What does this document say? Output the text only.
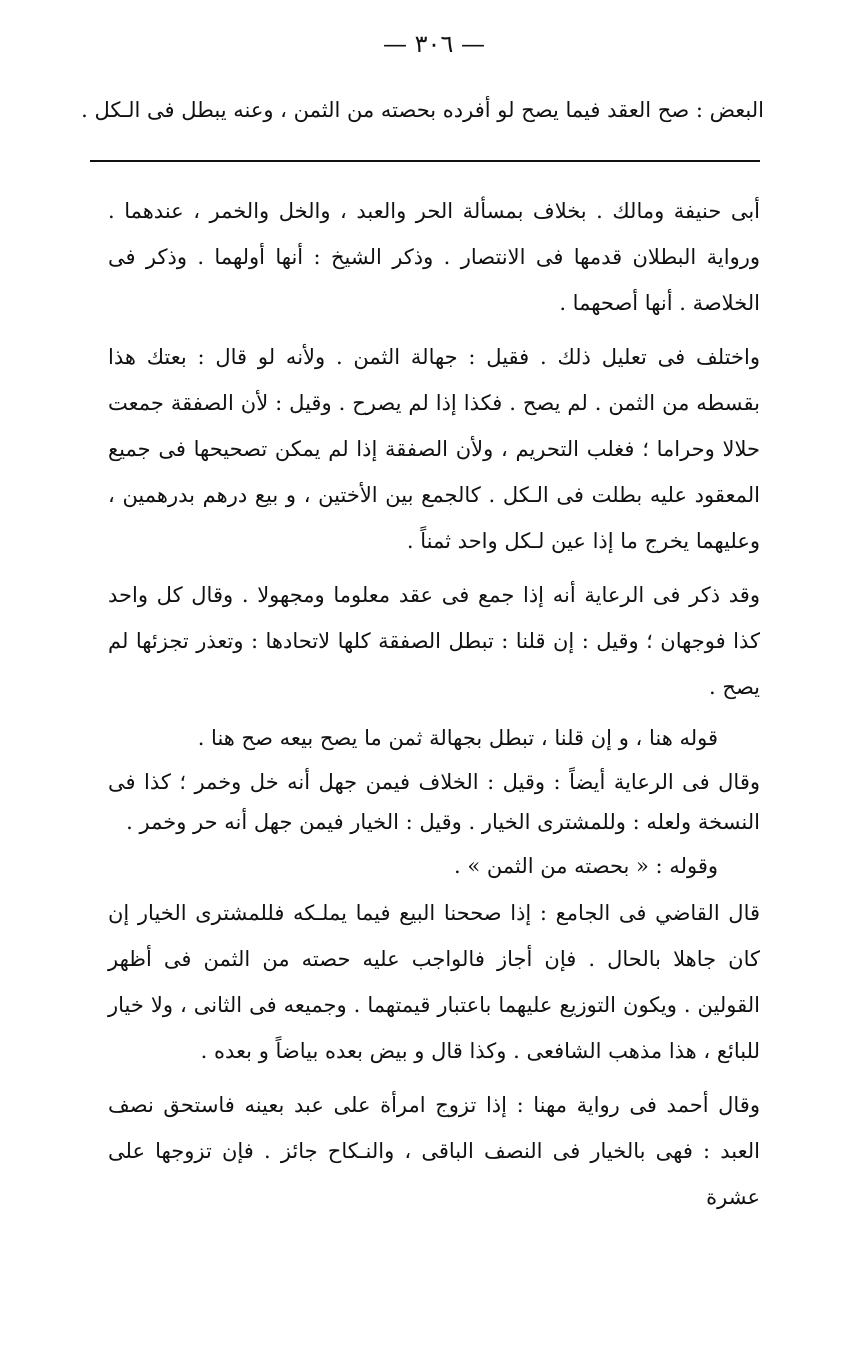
— ٣٠٦ —
البعض : صح العقد فيما يصح لو أفرده بحصته من الثمن ، وعنه يبطل فى الـكل .

أبى حنيفة ومالك . بخلاف بمسألة الحر والعبد ، والخل والخمر ، عندهما . ورواية البطلان قدمها فى الانتصار . وذكر الشيخ : أنها أولهما . وذكر فى الخلاصة . أنها أصحهما .

واختلف فى تعليل ذلك . فقيل : جهالة الثمن . ولأنه لو قال : بعتك هذا بقسطه من الثمن . لم يصح . فكذا إذا لم يصرح . وقيل : لأن الصفقة جمعت حلالا وحراما ؛ فغلب التحريم ، ولأن الصفقة إذا لم يمكن تصحيحها فى جميع المعقود عليه بطلت فى الـكل . كالجمع بين الأختين ، و بيع درهم بدرهمين ، وعليهما يخرج ما إذا عين لـكل واحد ثمناً .

وقد ذكر فى الرعاية أنه إذا جمع فى عقد معلوما ومجهولا . وقال كل واحد كذا فوجهان ؛ وقيل : إن قلنا : تبطل الصفقة كلها لاتحادها : وتعذر تجزئها لم يصح .

قوله هنا ، و إن قلنا ، تبطل بجهالة ثمن ما يصح بيعه صح هنا .

وقال فى الرعاية أيضاً : وقيل : الخلاف فيمن جهل أنه خل وخمر ؛ كذا فى النسخة ولعله : وللمشترى الخيار . وقيل : الخيار فيمن جهل أنه حر وخمر .

وقوله : « بحصته من الثمن » .

قال القاضي فى الجامع : إذا صححنا البيع فيما يملـكه فللمشترى الخيار إن كان جاهلا بالحال . فإن أجاز فالواجب عليه حصته من الثمن فى أظهر القولين . ويكون التوزيع عليهما باعتبار قيمتهما . وجميعه فى الثانى ، ولا خيار للبائع ، هذا مذهب الشافعى . وكذا قال و بيض بعده بياضاً و بعده .

وقال أحمد فى رواية مهنا : إذا تزوج امرأة على عبد بعينه فاستحق نصف العبد : فهى بالخيار فى النصف الباقى ، والنـكاح جائز . فإن تزوجها على عشرة
